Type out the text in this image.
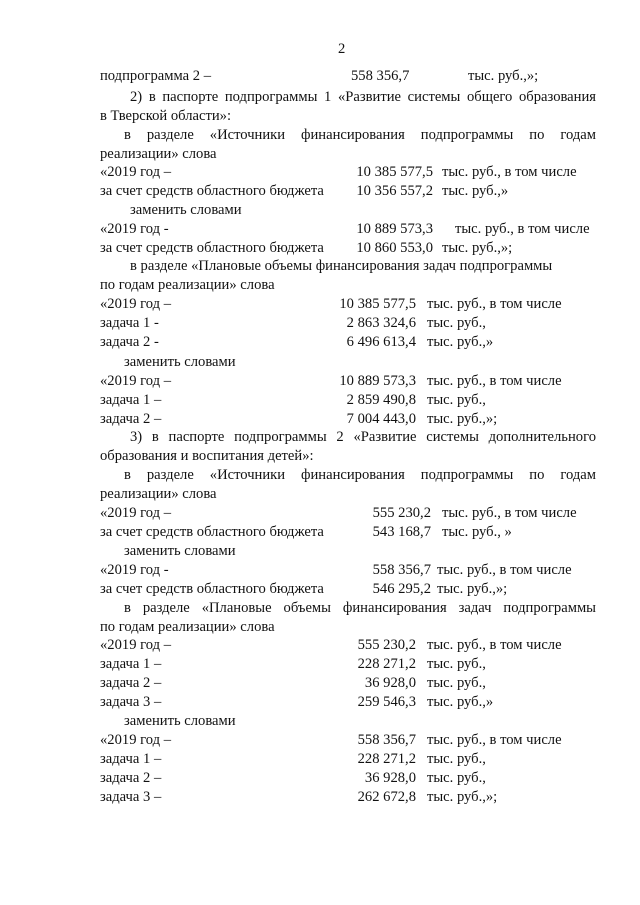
2
подпрограмма 2 –	558 356,7	тыс. руб.,»;
2) в паспорте подпрограммы 1 «Развитие системы общего образования
в Тверской области»:
в разделе «Источники финансирования подпрограммы по годам
реализации» слова
«2019 год –	10 385 577,5 тыс. руб., в том числе
за счет средств областного бюджета 10 356 557,2 тыс. руб.,»
заменить словами
«2019 год -	10 889 573,3 тыс. руб., в том числе
за счет средств областного бюджета 10 860 553,0 тыс. руб.,»;
в разделе «Плановые объемы финансирования задач подпрограммы
по годам реализации» слова
«2019 год –	10 385 577,5 тыс. руб., в том числе
задача 1 -	2 863 324,6 тыс. руб.,
задача 2 -	6 496 613,4 тыс. руб.,»
заменить словами
«2019 год –	10 889 573,3 тыс. руб., в том числе
задача 1 –	2 859 490,8 тыс. руб.,
задача 2 –	7 004 443,0 тыс. руб.,»;
3) в паспорте подпрограммы 2 «Развитие системы дополнительного
образования и воспитания детей»:
в разделе «Источники финансирования подпрограммы по годам
реализации» слова
«2019 год –	555 230,2 тыс. руб., в том числе
за счет средств областного бюджета	543 168,7 тыс. руб., »
заменить словами
«2019 год -	558 356,7 тыс. руб., в том числе
за счет средств областного бюджета	546 295,2 тыс. руб.,»;
в разделе «Плановые объемы финансирования задач подпрограммы
по годам реализации» слова
«2019 год –	555 230,2 тыс. руб., в том числе
задача 1 –	228 271,2 тыс. руб.,
задача 2 –	36 928,0 тыс. руб.,
задача 3 –	259 546,3 тыс. руб.,»
заменить словами
«2019 год –	558 356,7 тыс. руб., в том числе
задача 1 –	228 271,2 тыс. руб.,
задача 2 –	36 928,0 тыс. руб.,
задача 3 –	262 672,8 тыс. руб.,»;
